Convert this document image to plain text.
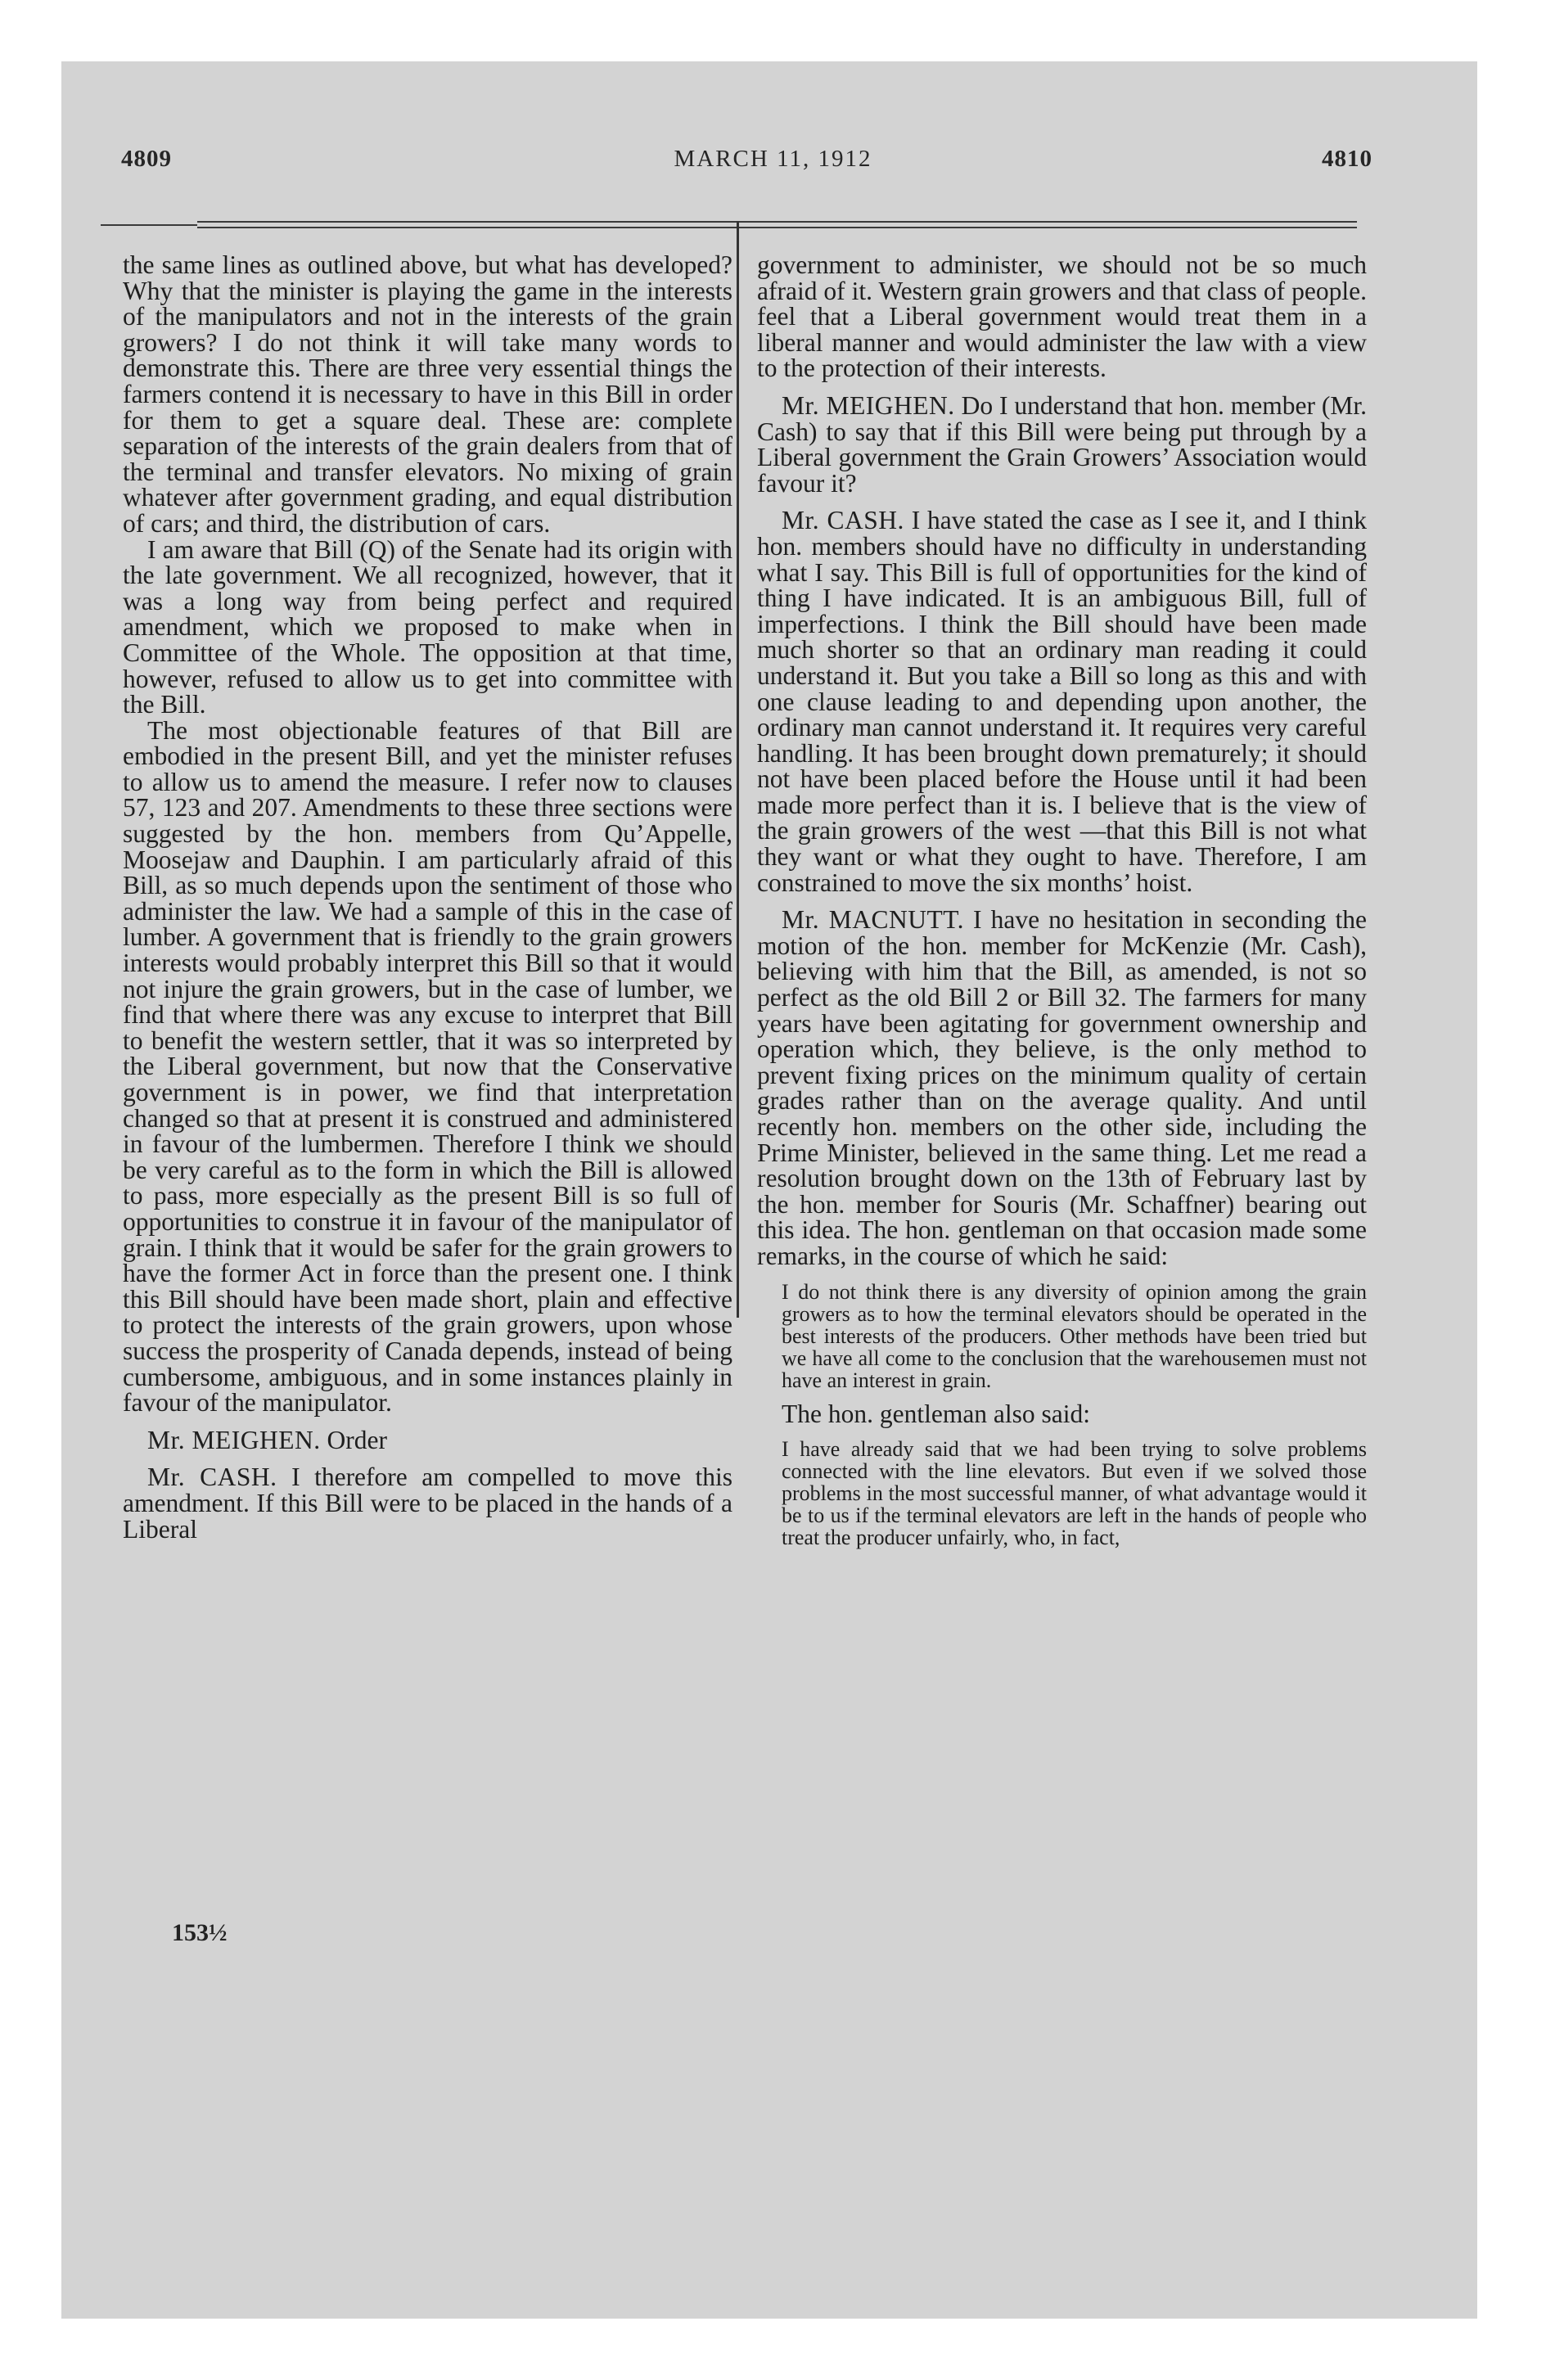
4809	MARCH 11, 1912	4810

the same lines as outlined above, but what has developed? Why that the minister is playing the game in the interests of the manipulators and not in the interests of the grain growers? I do not think it will take many words to demonstrate this. There are three very essential things the farmers contend it is necessary to have in this Bill in order for them to get a square deal. These are: complete separation of the interests of the grain dealers from that of the terminal and transfer elevators. No mixing of grain whatever after government grading, and equal distribution of cars; and third, the distribution of cars.

I am aware that Bill (Q) of the Senate had its origin with the late government. We all recognized, however, that it was a long way from being perfect and required amendment, which we proposed to make when in Committee of the Whole. The opposition at that time, however, refused to allow us to get into committee with the Bill.

The most objectionable features of that Bill are embodied in the present Bill, and yet the minister refuses to allow us to amend the measure. I refer now to clauses 57, 123 and 207. Amendments to these three sections were suggested by the hon. members from Qu’Appelle, Moosejaw and Dauphin. I am particularly afraid of this Bill, as so much depends upon the sentiment of those who administer the law. We had a sample of this in the case of lumber. A government that is friendly to the grain growers interests would probably interpret this Bill so that it would not injure the grain growers, but in the case of lumber, we find that where there was any excuse to interpret that Bill to benefit the western settler, that it was so interpreted by the Liberal government, but now that the Conservative government is in power, we find that interpretation changed so that at present it is construed and administered in favour of the lumbermen. Therefore I think we should be very careful as to the form in which the Bill is allowed to pass, more especially as the present Bill is so full of opportunities to construe it in favour of the manipulator of grain. I think that it would be safer for the grain growers to have the former Act in force than the present one. I think this Bill should have been made short, plain and effective to protect the interests of the grain growers, upon whose success the prosperity of Canada depends, instead of being cumbersome, ambiguous, and in some instances plainly in favour of the manipulator.

Mr. MEIGHEN. Order

Mr. CASH. I therefore am compelled to move this amendment. If this Bill were to be placed in the hands of a Liberal

153½

government to administer, we should not be so much afraid of it. Western grain growers and that class of people. feel that a Liberal government would treat them in a liberal manner and would administer the law with a view to the protection of their interests.

Mr. MEIGHEN. Do I understand that hon. member (Mr. Cash) to say that if this Bill were being put through by a Liberal government the Grain Growers’ Association would favour it?

Mr. CASH. I have stated the case as I see it, and I think hon. members should have no difficulty in understanding what I say. This Bill is full of opportunities for the kind of thing I have indicated. It is an ambiguous Bill, full of imperfections. I think the Bill should have been made much shorter so that an ordinary man reading it could understand it. But you take a Bill so long as this and with one clause leading to and depending upon another, the ordinary man cannot understand it. It requires very careful handling. It has been brought down prematurely; it should not have been placed before the House until it had been made more perfect than it is. I believe that is the view of the grain growers of the west —that this Bill is not what they want or what they ought to have. Therefore, I am constrained to move the six months’ hoist.

Mr. MACNUTT. I have no hesitation in seconding the motion of the hon. member for McKenzie (Mr. Cash), believing with him that the Bill, as amended, is not so perfect as the old Bill 2 or Bill 32. The farmers for many years have been agitating for government ownership and operation which, they believe, is the only method to prevent fixing prices on the minimum quality of certain grades rather than on the average quality. And until recently hon. members on the other side, including the Prime Minister, believed in the same thing. Let me read a resolution brought down on the 13th of February last by the hon. member for Souris (Mr. Schaffner) bearing out this idea. The hon. gentleman on that occasion made some remarks, in the course of which he said:

I do not think there is any diversity of opinion among the grain growers as to how the terminal elevators should be operated in the best interests of the producers. Other methods have been tried but we have all come to the conclusion that the warehousemen must not have an interest in grain.

The hon. gentleman also said:

I have already said that we had been trying to solve problems connected with the line elevators. But even if we solved those problems in the most successful manner, of what advantage would it be to us if the terminal elevators are left in the hands of people who treat the producer unfairly, who, in fact,
